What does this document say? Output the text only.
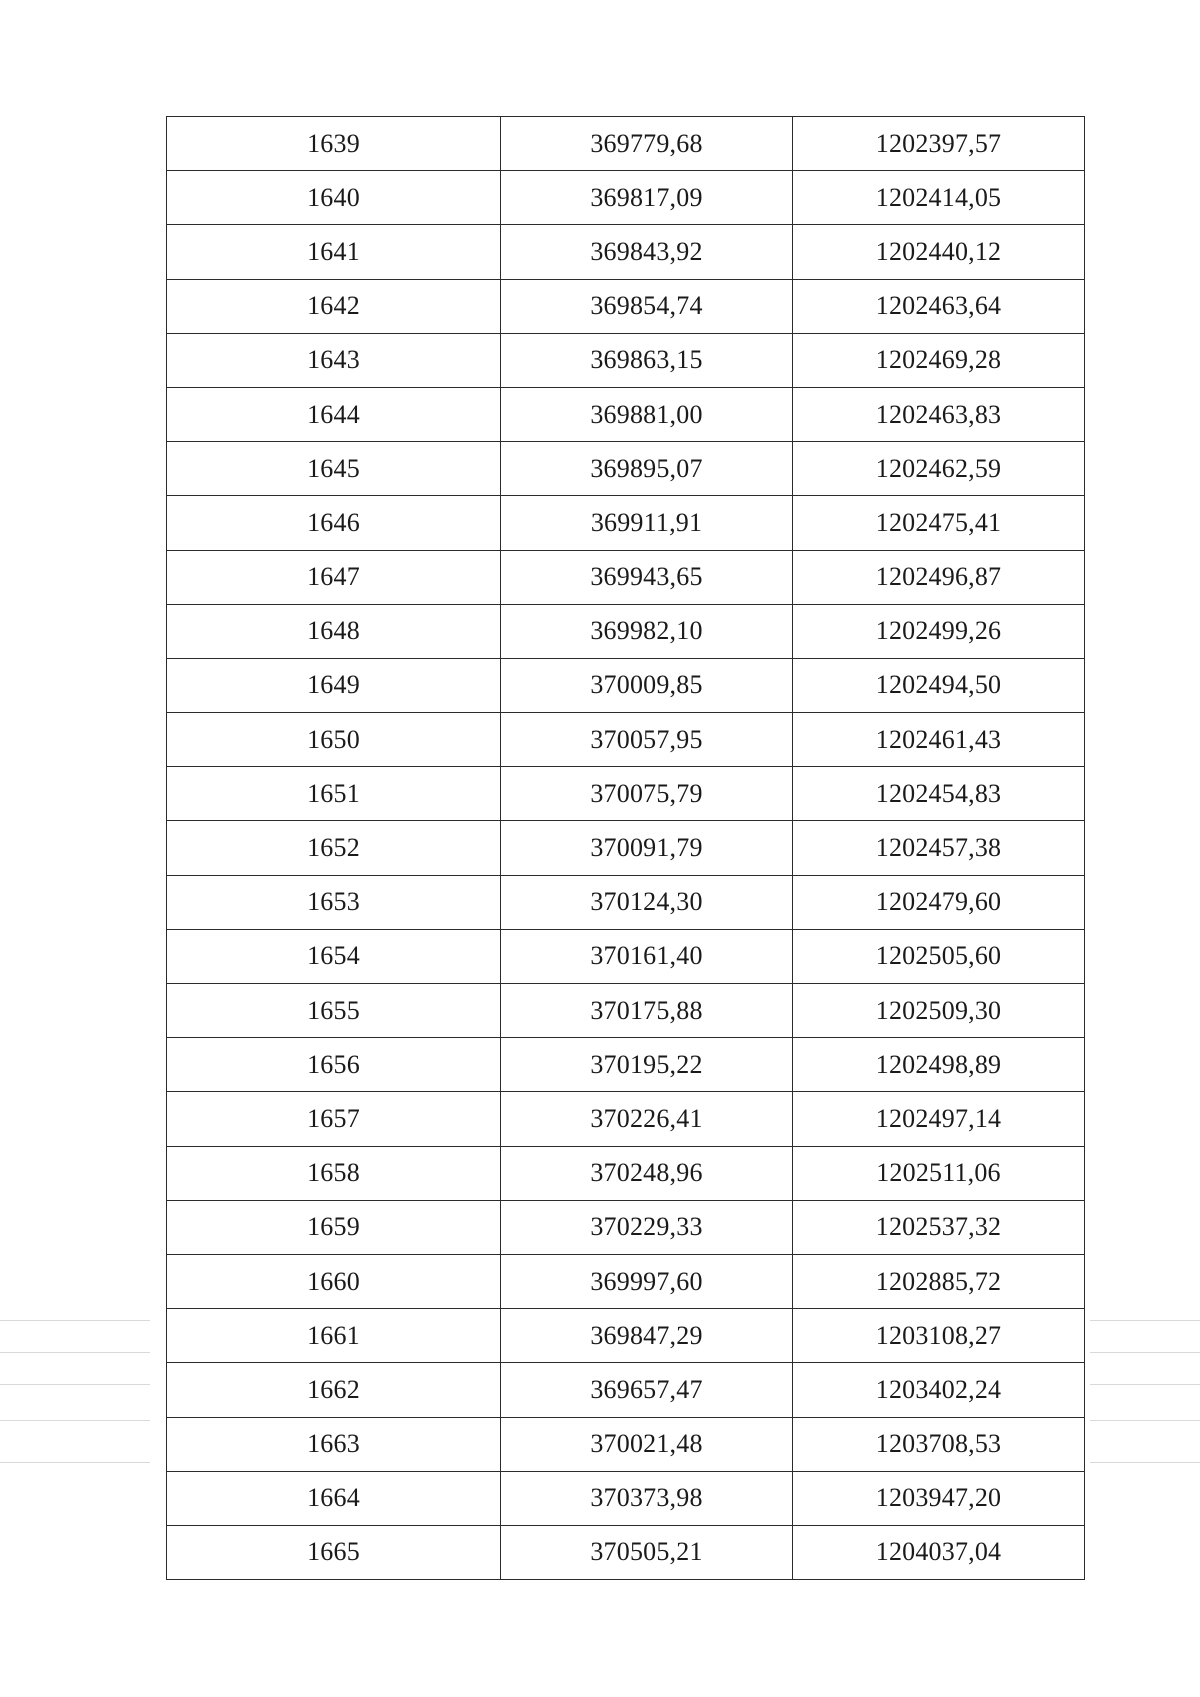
1639	369779,68	1202397,57
1640	369817,09	1202414,05
1641	369843,92	1202440,12
1642	369854,74	1202463,64
1643	369863,15	1202469,28
1644	369881,00	1202463,83
1645	369895,07	1202462,59
1646	369911,91	1202475,41
1647	369943,65	1202496,87
1648	369982,10	1202499,26
1649	370009,85	1202494,50
1650	370057,95	1202461,43
1651	370075,79	1202454,83
1652	370091,79	1202457,38
1653	370124,30	1202479,60
1654	370161,40	1202505,60
1655	370175,88	1202509,30
1656	370195,22	1202498,89
1657	370226,41	1202497,14
1658	370248,96	1202511,06
1659	370229,33	1202537,32
1660	369997,60	1202885,72
1661	369847,29	1203108,27
1662	369657,47	1203402,24
1663	370021,48	1203708,53
1664	370373,98	1203947,20
1665	370505,21	1204037,04
